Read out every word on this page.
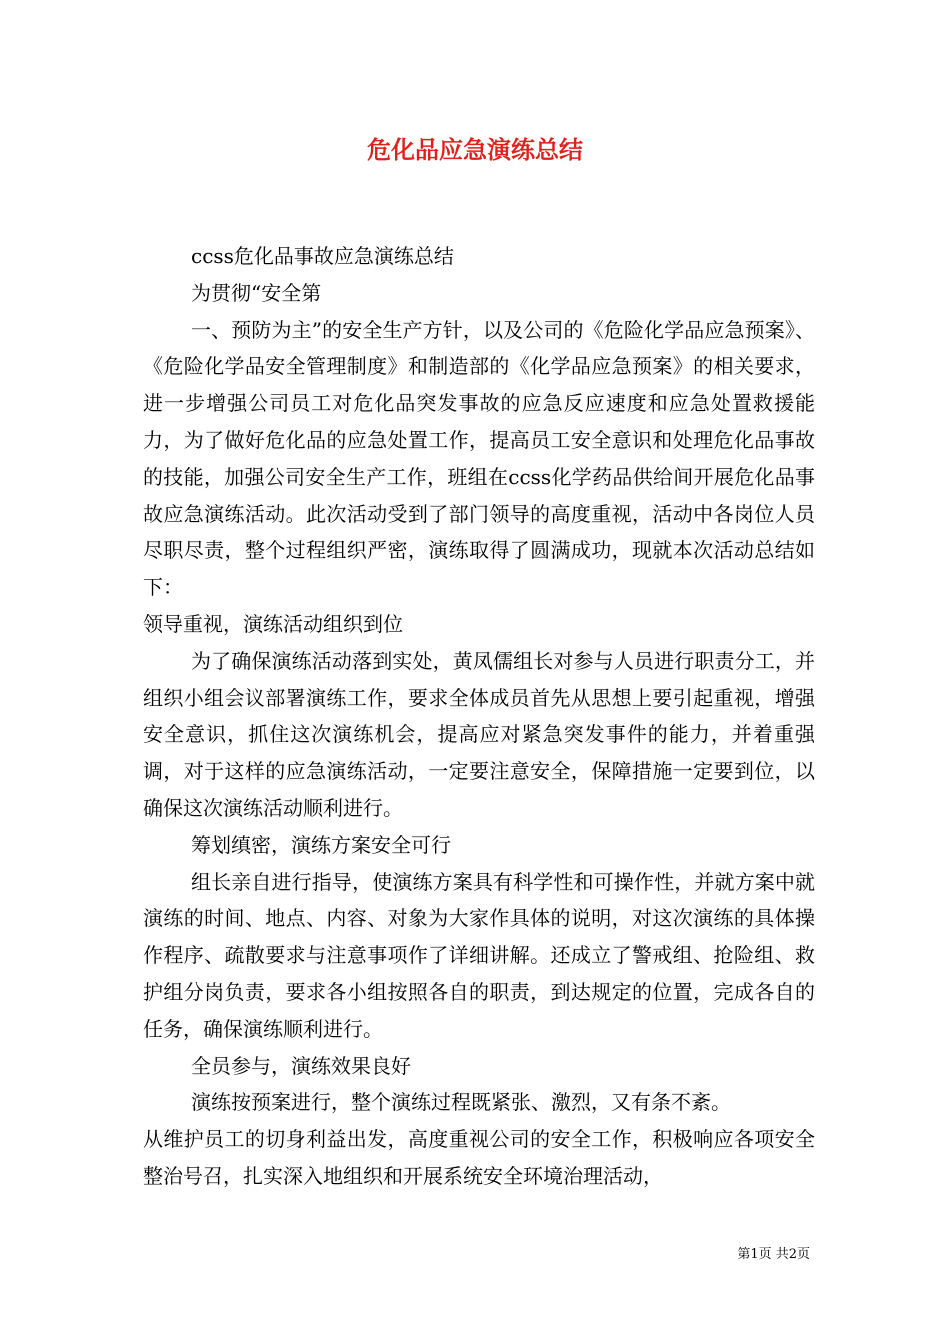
危化品应急演练总结

ccss危化品事故应急演练总结

为贯彻“安全第

一、预防为主”的安全生产方针，以及公司的《危险化学品应急预案》、《危险化学品安全管理制度》和制造部的《化学品应急预案》的相关要求，进一步增强公司员工对危化品突发事故的应急反应速度和应急处置救援能力，为了做好危化品的应急处置工作，提高员工安全意识和处理危化品事故的技能，加强公司安全生产工作，班组在ccss化学药品供给间开展危化品事故应急演练活动。此次活动受到了部门领导的高度重视，活动中各岗位人员尽职尽责，整个过程组织严密，演练取得了圆满成功，现就本次活动总结如下：

领导重视，演练活动组织到位

为了确保演练活动落到实处，黄凤儒组长对参与人员进行职责分工，并组织小组会议部署演练工作，要求全体成员首先从思想上要引起重视，增强安全意识，抓住这次演练机会，提高应对紧急突发事件的能力，并着重强调，对于这样的应急演练活动，一定要注意安全，保障措施一定要到位，以确保这次演练活动顺利进行。

筹划缜密，演练方案安全可行

组长亲自进行指导，使演练方案具有科学性和可操作性，并就方案中就演练的时间、地点、内容、对象为大家作具体的说明，对这次演练的具体操作程序、疏散要求与注意事项作了详细讲解。还成立了警戒组、抢险组、救护组分岗负责，要求各小组按照各自的职责，到达规定的位置，完成各自的任务，确保演练顺利进行。

全员参与，演练效果良好

演练按预案进行，整个演练过程既紧张、激烈，又有条不紊。

从维护员工的切身利益出发，高度重视公司的安全工作，积极响应各项安全整治号召，扎实深入地组织和开展系统安全环境治理活动，

第1页 共2页
